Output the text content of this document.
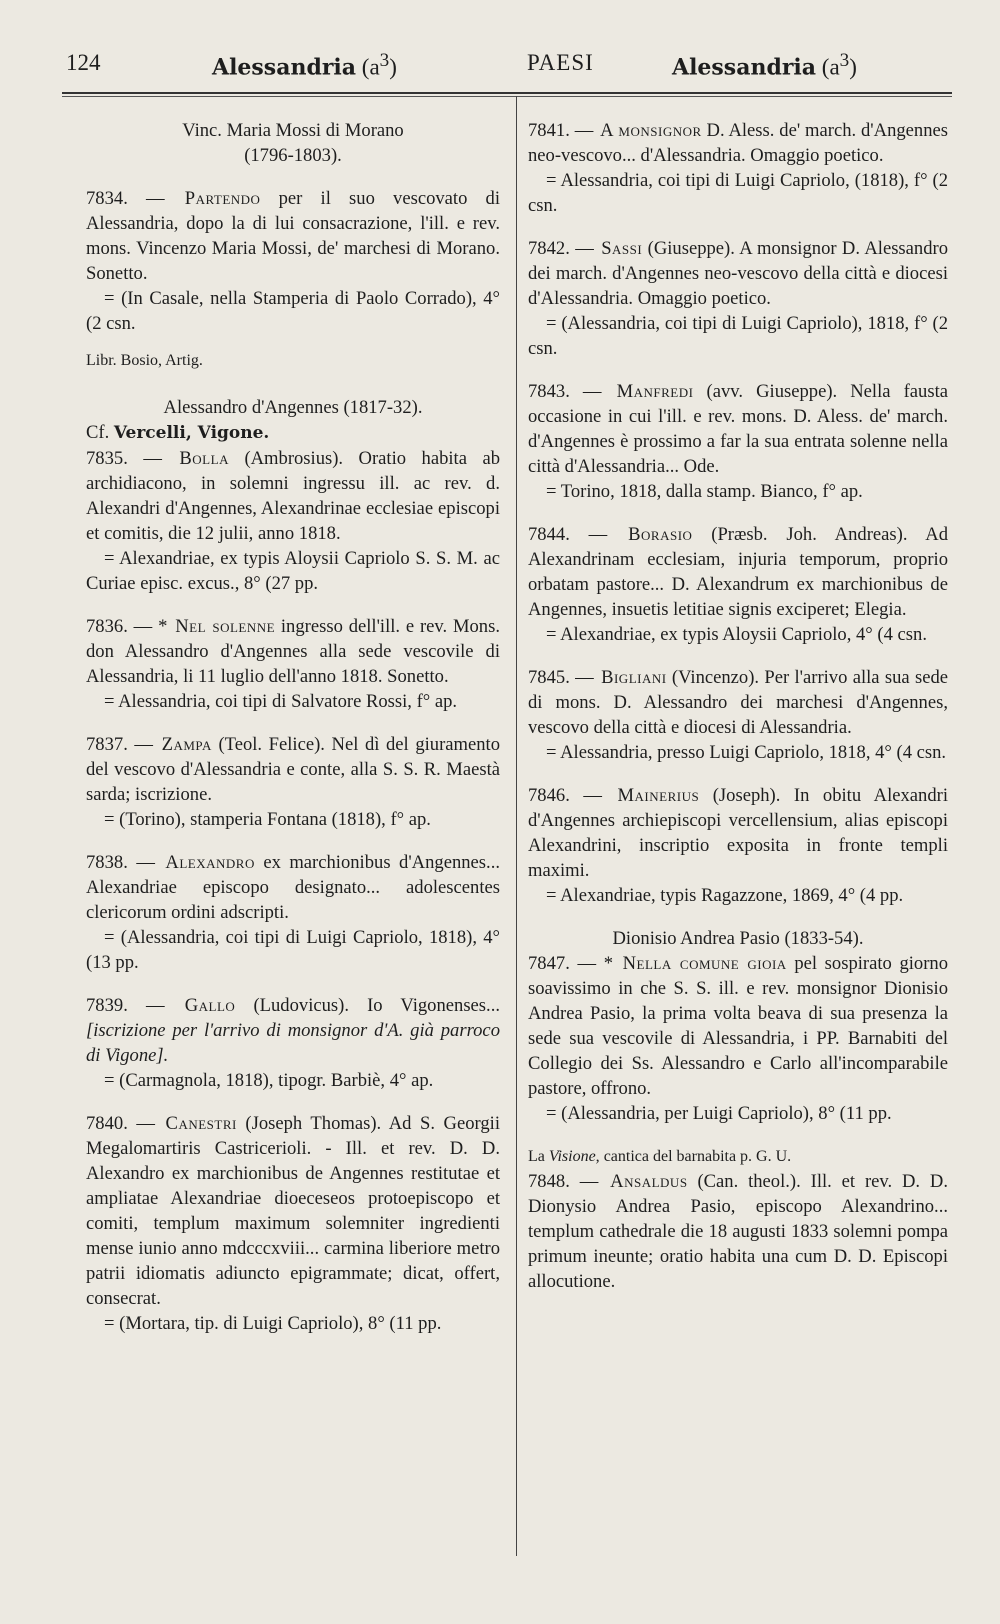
124	Alessandria $(a^3)$	PAESI	Alessandria $(a^3)$

Vinc. Maria Mossi di Morano

(1796-1803).

7834. — Partendo per il suo vescovato di Alessandria, dopo la di lui consacrazione, l'ill. e rev. mons. Vincenzo Maria Mossi, de' marchesi di Morano. Sonetto.

= (In Casale, nella Stamperia di Paolo Corrado), 4° (2 csn.

Libr. Bosio, Artig.

Alessandro d'Angennes (1817-32).

Cf. Vercelli, Vigone.

7835. — Bolla (Ambrosius). Oratio habita ab archidiacono, in solemni ingressu ill. ac rev. d. Alexandri d'Angennes, Alexandrinae ecclesiae episcopi et comitis, die 12 julii, anno 1818.

= Alexandriae, ex typis Aloysii Capriolo S. S. M. ac Curiae episc. excus., 8° (27 pp.

7836. — * Nel solenne ingresso dell'ill. e rev. Mons. don Alessandro d'Angennes alla sede vescovile di Alessandria, li 11 luglio dell'anno 1818. Sonetto.

= Alessandria, coi tipi di Salvatore Rossi, f° ap.

7837. — Zampa (Teol. Felice). Nel dì del giuramento del vescovo d'Alessandria e conte, alla S. S. R. Maestà sarda; iscrizione.

= (Torino), stamperia Fontana (1818), f° ap.

7838. — Alexandro ex marchionibus d'Angennes... Alexandriae episcopo designato... adolescentes clericorum ordini adscripti.

= (Alessandria, coi tipi di Luigi Capriolo, 1818), 4° (13 pp.

7839. — Gallo (Ludovicus). Io Vigonenses... [iscrizione per l'arrivo di monsignor d'A. già parroco di Vigone].

= (Carmagnola, 1818), tipogr. Barbiè, 4° ap.

7840. — Canestri (Joseph Thomas). Ad S. Georgii Megalomartiris Castricerioli. - Ill. et rev. D. D. Alexandro ex marchionibus de Angennes restitutae et ampliatae Alexandriae dioeceseos protoepiscopo et comiti, templum maximum solemniter ingredienti mense iunio anno mdcccxviii... carmina liberiore metro patrii idiomatis adiuncto epigrammate; dicat, offert, consecrat.

= (Mortara, tip. di Luigi Capriolo), 8° (11 pp.

7841. — A monsignor D. Aless. de' march. d'Angennes neo-vescovo... d'Alessandria. Omaggio poetico.

= Alessandria, coi tipi di Luigi Capriolo, (1818), f° (2 csn.

7842. — Sassi (Giuseppe). A monsignor D. Alessandro dei march. d'Angennes neo-vescovo della città e diocesi d'Alessandria. Omaggio poetico.

= (Alessandria, coi tipi di Luigi Capriolo), 1818, f° (2 csn.

7843. — Manfredi (avv. Giuseppe). Nella fausta occasione in cui l'ill. e rev. mons. D. Aless. de' march. d'Angennes è prossimo a far la sua entrata solenne nella città d'Alessandria... Ode.

= Torino, 1818, dalla stamp. Bianco, f° ap.

7844. — Borasio (Præsb. Joh. Andreas). Ad Alexandrinam ecclesiam, injuria temporum, proprio orbatam pastore... D. Alexandrum ex marchionibus de Angennes, insuetis letitiae signis exciperet; Elegia.

= Alexandriae, ex typis Aloysii Capriolo, 4° (4 csn.

7845. — Bigliani (Vincenzo). Per l'arrivo alla sua sede di mons. D. Alessandro dei marchesi d'Angennes, vescovo della città e diocesi di Alessandria.

= Alessandria, presso Luigi Capriolo, 1818, 4° (4 csn.

7846. — Mainerius (Joseph). In obitu Alexandri d'Angennes archiepiscopi vercellensium, alias episcopi Alexandrini, inscriptio exposita in fronte templi maximi.

= Alexandriae, typis Ragazzone, 1869, 4° (4 pp.

Dionisio Andrea Pasio (1833-54).

7847. — * Nella comune gioia pel sospirato giorno soavissimo in che S. S. ill. e rev. monsignor Dionisio Andrea Pasio, la prima volta beava di sua presenza la sede sua vescovile di Alessandria, i PP. Barnabiti del Collegio dei Ss. Alessandro e Carlo all'incomparabile pastore, offrono.

= (Alessandria, per Luigi Capriolo), 8° (11 pp.

La Visione, cantica del barnabita p. G. U.

7848. — Ansaldus (Can. theol.). Ill. et rev. D. D. Dionysio Andrea Pasio, episcopo Alexandrino... templum cathedrale die 18 augusti 1833 solemni pompa primum ineunte; oratio habita una cum D. D. Episcopi allocutione.
